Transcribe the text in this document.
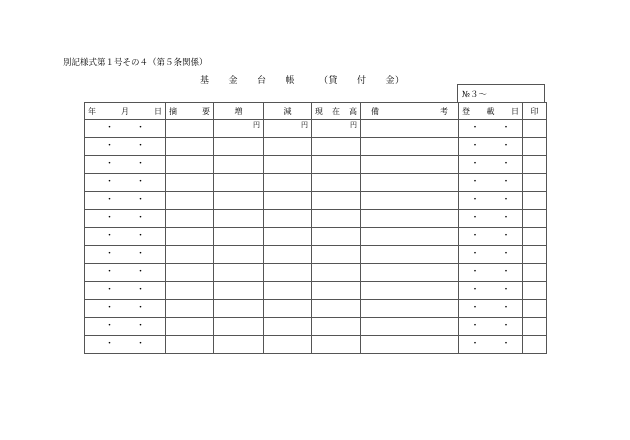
別記様式第１号その４（第５条関係）
基　　金　　台　　帳　　　（貸　　付　　金）
№３〜
年 月 日	摘 要	増	減	現 在 高	備 考	登 載 日	印

・ ・		円	円	円		・ ・	

・ ・						・ ・	

・ ・						・ ・	

・ ・						・ ・	

・ ・						・ ・	

・ ・						・ ・	

・ ・						・ ・	

・ ・						・ ・	

・ ・						・ ・	

・ ・						・ ・	

・ ・						・ ・	

・ ・						・ ・	

・ ・						・ ・	
